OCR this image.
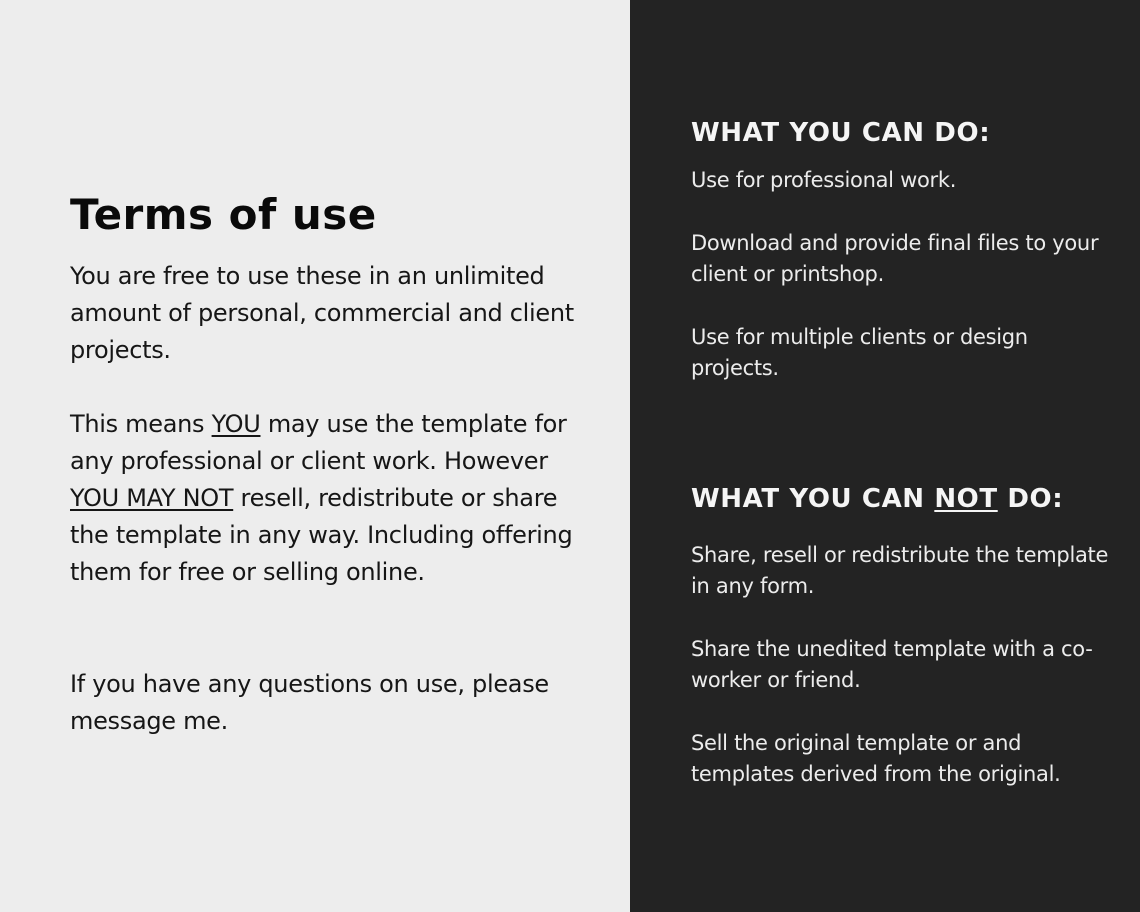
Terms of use

You are free to use these in an unlimited amount of personal, commercial and client projects.

This means YOU may use the template for any professional or client work. However YOU MAY NOT resell, redistribute or share the template in any way. Including offering them for free or selling online.

If you have any questions on use, please message me.

WHAT YOU CAN DO:

Use for professional work.

Download and provide final files to your client or printshop.

Use for multiple clients or design projects.

WHAT YOU CAN NOT DO:

Share, resell or redistribute the template in any form.

Share the unedited template with a co-worker or friend.

Sell the original template or and templates derived from the original.
